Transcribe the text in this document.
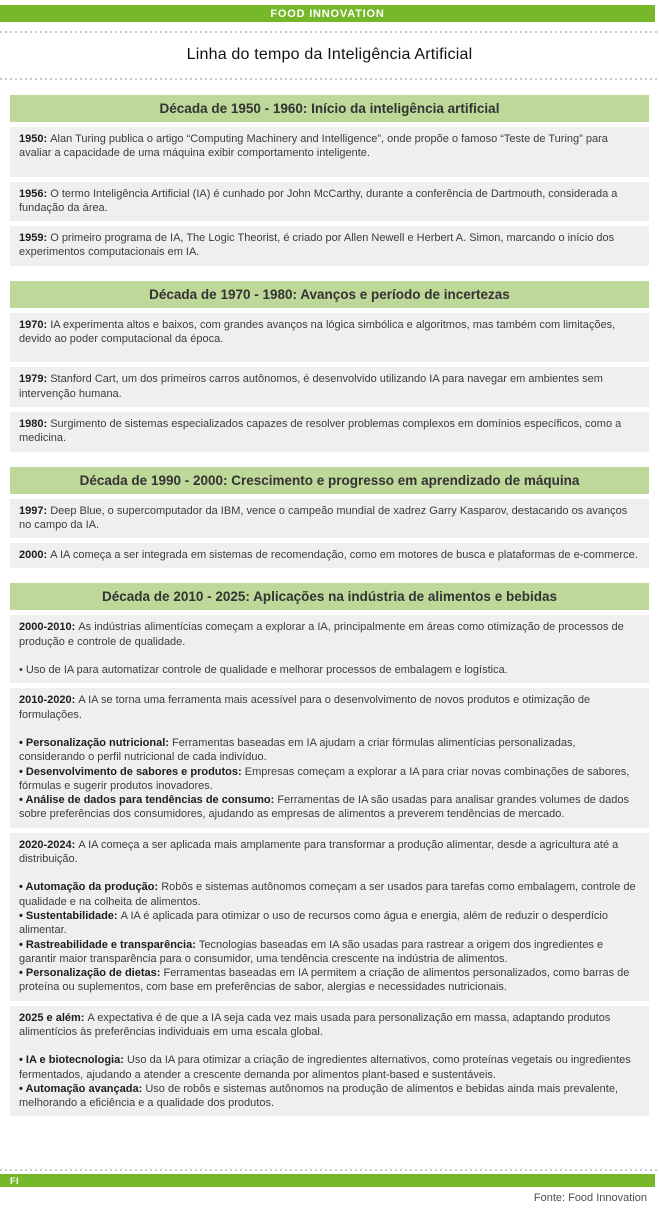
FOOD INNOVATION
Linha do tempo da Inteligência Artificial
Década de 1950 - 1960: Início da inteligência artificial

1950: Alan Turing publica o artigo “Computing Machinery and Intelligence”, onde propõe o famoso “Teste de Turing” para avaliar a capacidade de uma máquina exibir comportamento inteligente.

1956: O termo Inteligência Artificial (IA) é cunhado por John McCarthy, durante a conferência de Dartmouth, considerada a fundação da área.

1959: O primeiro programa de IA, The Logic Theorist, é criado por Allen Newell e Herbert A. Simon, marcando o início dos experimentos computacionais em IA.

Década de 1970 - 1980: Avanços e período de incertezas

1970: IA experimenta altos e baixos, com grandes avanços na lógica simbólica e algoritmos, mas também com limitações, devido ao poder computacional da época.

1979: Stanford Cart, um dos primeiros carros autônomos, é desenvolvido utilizando IA para navegar em ambientes sem intervenção humana.

1980: Surgimento de sistemas especializados capazes de resolver problemas complexos em domínios específicos, como a medicina.

Década de 1990 - 2000: Crescimento e progresso em aprendizado de máquina

1997: Deep Blue, o supercomputador da IBM, vence o campeão mundial de xadrez Garry Kasparov, destacando os avanços no campo da IA.

2000: A IA começa a ser integrada em sistemas de recomendação, como em motores de busca e plataformas de e-commerce.

Década de 2010 - 2025: Aplicações na indústria de alimentos e bebidas

2000-2010: As indústrias alimentícias começam a explorar a IA, principalmente em áreas como otimização de processos de produção e controle de qualidade.

• Uso de IA para automatizar controle de qualidade e melhorar processos de embalagem e logística.

2010-2020: A IA se torna uma ferramenta mais acessível para o desenvolvimento de novos produtos e otimização de formulações.

• Personalização nutricional: Ferramentas baseadas em IA ajudam a criar fórmulas alimentícias personalizadas, considerando o perfil nutricional de cada indivíduo.

• Desenvolvimento de sabores e produtos: Empresas começam a explorar a IA para criar novas combinações de sabores, fórmulas e sugerir produtos inovadores.

• Análise de dados para tendências de consumo: Ferramentas de IA são usadas para analisar grandes volumes de dados sobre preferências dos consumidores, ajudando as empresas de alimentos a preverem tendências de mercado.

2020-2024: A IA começa a ser aplicada mais amplamente para transformar a produção alimentar, desde a agricultura até a distribuição.

• Automação da produção: Robôs e sistemas autônomos começam a ser usados para tarefas como embalagem, controle de qualidade e na colheita de alimentos.

• Sustentabilidade: A IA é aplicada para otimizar o uso de recursos como água e energia, além de reduzir o desperdício alimentar.

• Rastreabilidade e transparência: Tecnologias baseadas em IA são usadas para rastrear a origem dos ingredientes e garantir maior transparência para o consumidor, uma tendência crescente na indústria de alimentos.

• Personalização de dietas: Ferramentas baseadas em IA permitem a criação de alimentos personalizados, como barras de proteína ou suplementos, com base em preferências de sabor, alergias e necessidades nutricionais.

2025 e além: A expectativa é de que a IA seja cada vez mais usada para personalização em massa, adaptando produtos alimentícios às preferências individuais em uma escala global.

• IA e biotecnologia: Uso da IA para otimizar a criação de ingredientes alternativos, como proteínas vegetais ou ingredientes fermentados, ajudando a atender a crescente demanda por alimentos plant-based e sustentáveis.

• Automação avançada: Uso de robôs e sistemas autônomos na produção de alimentos e bebidas ainda mais prevalente, melhorando a eficiência e a qualidade dos produtos.

FI
Fonte: Food Innovation
